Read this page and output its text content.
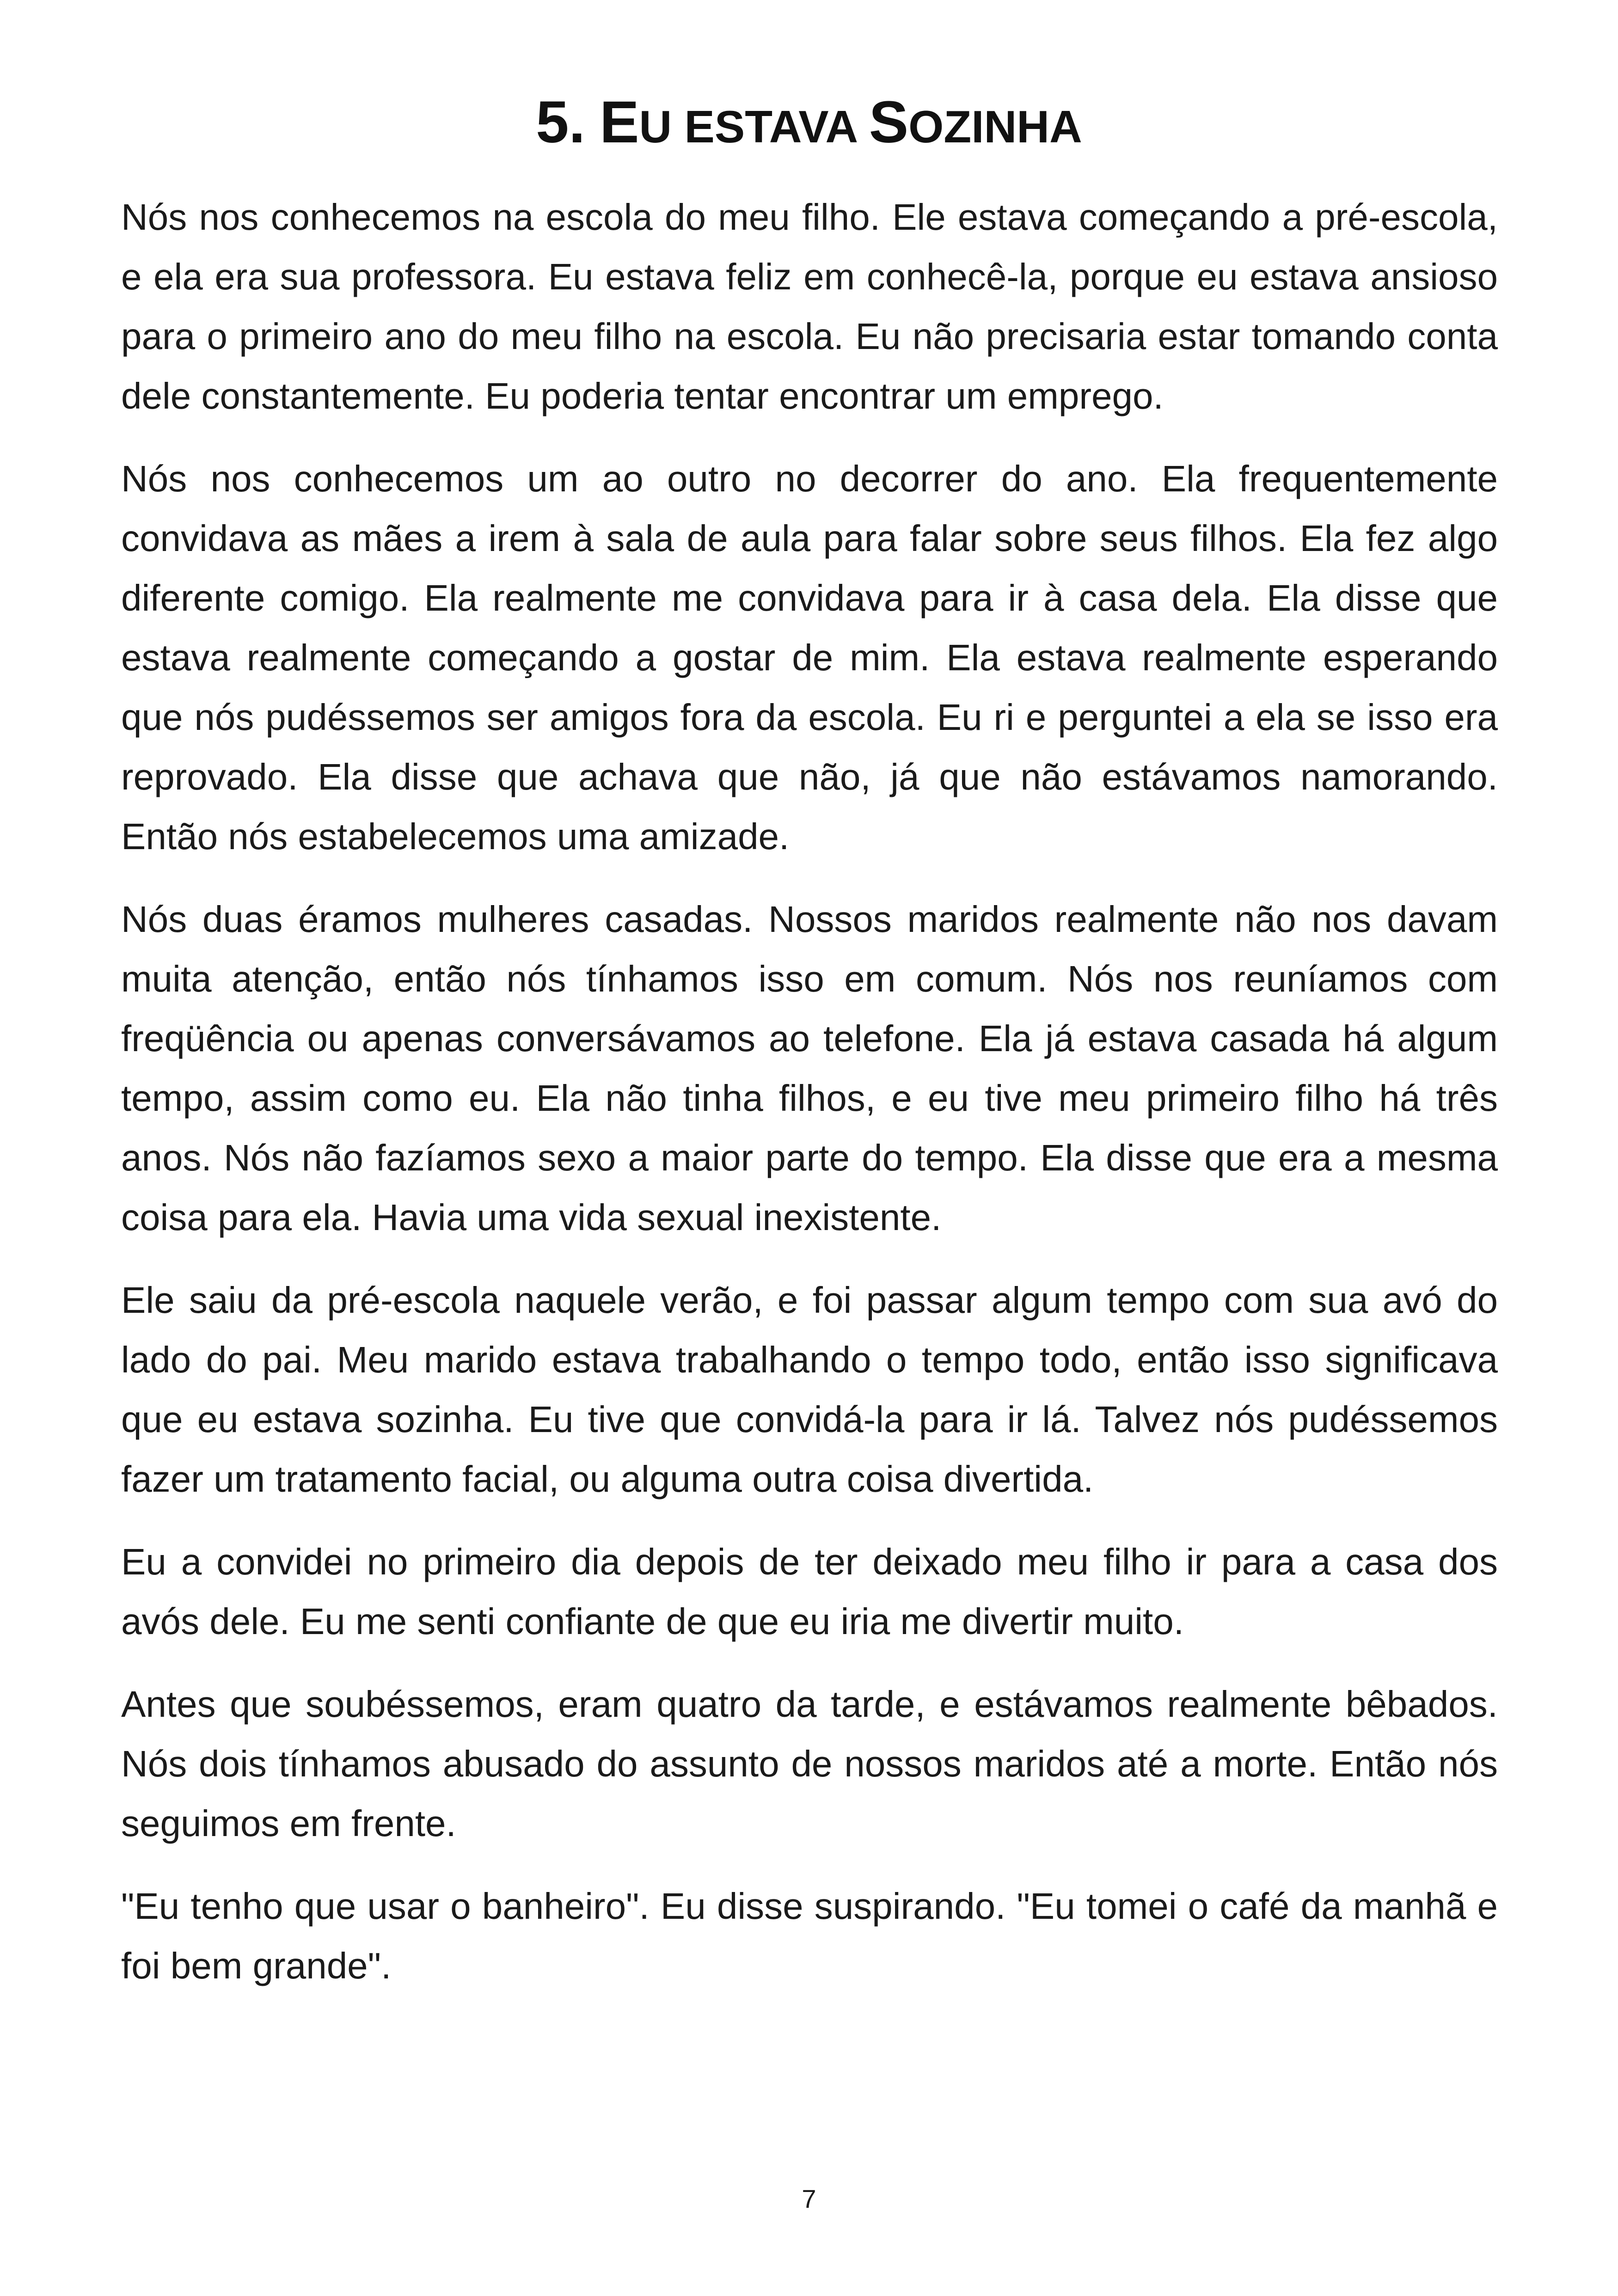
5. EU ESTAVA SOZINHA

Nós nos conhecemos na escola do meu filho. Ele estava começando a pré-escola, e ela era sua professora. Eu estava feliz em conhecê-la, porque eu estava ansioso para o primeiro ano do meu filho na escola. Eu não precisaria estar tomando conta dele constantemente. Eu poderia tentar encontrar um emprego.

Nós nos conhecemos um ao outro no decorrer do ano. Ela frequentemente convidava as mães a irem à sala de aula para falar sobre seus filhos. Ela fez algo diferente comigo. Ela realmente me convidava para ir à casa dela. Ela disse que estava realmente começando a gostar de mim. Ela estava realmente esperando que nós pudéssemos ser amigos fora da escola. Eu ri e perguntei a ela se isso era reprovado. Ela disse que achava que não, já que não estávamos namorando. Então nós estabelecemos uma amizade.

Nós duas éramos mulheres casadas. Nossos maridos realmente não nos davam muita atenção, então nós tínhamos isso em comum. Nós nos reuníamos com freqüência ou apenas conversávamos ao telefone. Ela já estava casada há algum tempo, assim como eu. Ela não tinha filhos, e eu tive meu primeiro filho há três anos. Nós não fazíamos sexo a maior parte do tempo. Ela disse que era a mesma coisa para ela. Havia uma vida sexual inexistente.

Ele saiu da pré-escola naquele verão, e foi passar algum tempo com sua avó do lado do pai. Meu marido estava trabalhando o tempo todo, então isso significava que eu estava sozinha. Eu tive que convidá-la para ir lá. Talvez nós pudéssemos fazer um tratamento facial, ou alguma outra coisa divertida.

Eu a convidei no primeiro dia depois de ter deixado meu filho ir para a casa dos avós dele. Eu me senti confiante de que eu iria me divertir muito.

Antes que soubéssemos, eram quatro da tarde, e estávamos realmente bêbados. Nós dois tínhamos abusado do assunto de nossos maridos até a morte. Então nós seguimos em frente.

"Eu tenho que usar o banheiro". Eu disse suspirando. "Eu tomei o café da manhã e foi bem grande".

7
